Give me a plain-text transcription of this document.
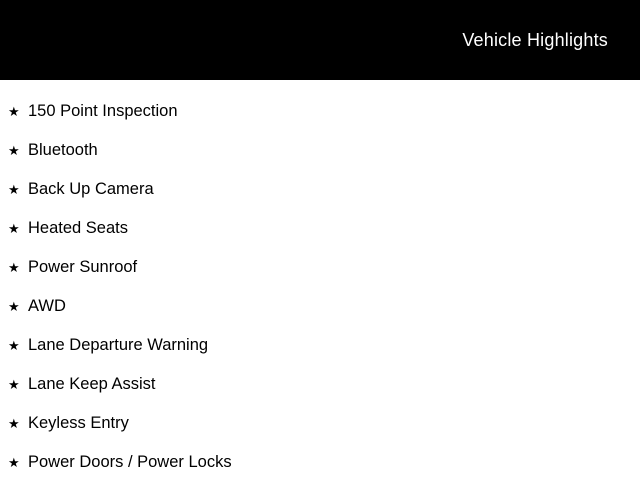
Vehicle Highlights
★ 150 Point Inspection
★ Bluetooth
★ Back Up Camera
★ Heated Seats
★ Power Sunroof
★ AWD
★ Lane Departure Warning
★ Lane Keep Assist
★ Keyless Entry
★ Power Doors / Power Locks
